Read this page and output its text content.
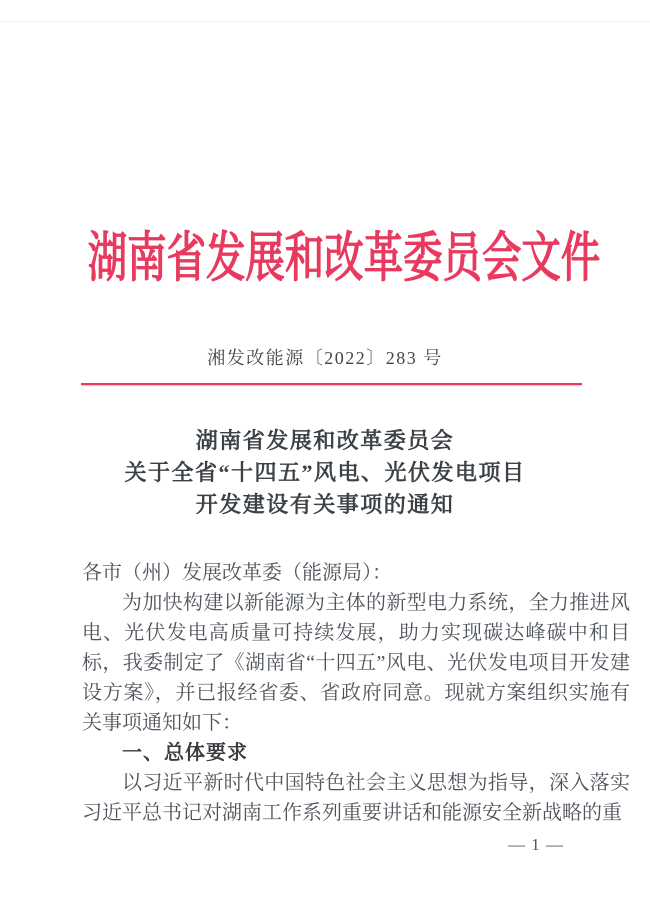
湖南省发展和改革委员会文件
湘发改能源〔2022〕283 号
湖南省发展和改革委员会
关于全省“十四五”风电、光伏发电项目
开发建设有关事项的通知

各市（州）发展改革委（能源局）：

为加快构建以新能源为主体的新型电力系统，全力推进风电、光伏发电高质量可持续发展，助力实现碳达峰碳中和目标，我委制定了《湖南省“十四五”风电、光伏发电项目开发建设方案》，并已报经省委、省政府同意。现就方案组织实施有关事项通知如下：

一、总体要求

以习近平新时代中国特色社会主义思想为指导，深入落实习近平总书记对湖南工作系列重要讲话和能源安全新战略的重

— 1 —
